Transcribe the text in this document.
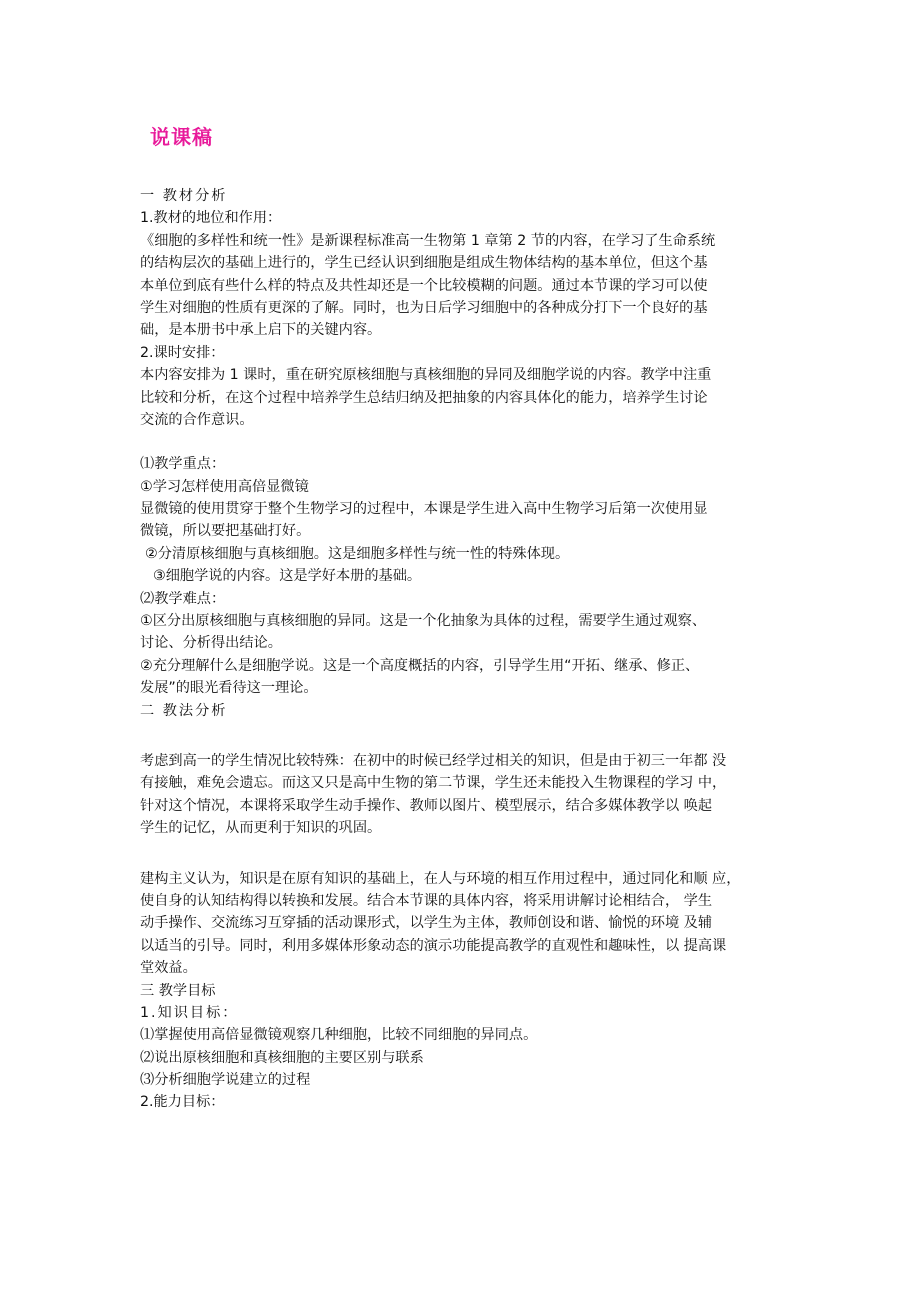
说课稿
一 教材分析
1.教材的地位和作用：
《细胞的多样性和统一性》是新课程标准高一生物第 1 章第 2 节的内容，在学习了生命系统
的结构层次的基础上进行的，学生已经认识到细胞是组成生物体结构的基本单位，但这个基
本单位到底有些什么样的特点及共性却还是一个比较模糊的问题。通过本节课的学习可以使
学生对细胞的性质有更深的了解。同时，也为日后学习细胞中的各种成分打下一个良好的基
础，是本册书中承上启下的关键内容。
2.课时安排：
本内容安排为 1 课时，重在研究原核细胞与真核细胞的异同及细胞学说的内容。教学中注重
比较和分析，在这个过程中培养学生总结归纳及把抽象的内容具体化的能力，培养学生讨论
交流的合作意识。
⑴教学重点：
①学习怎样使用高倍显微镜
显微镜的使用贯穿于整个生物学习的过程中，本课是学生进入高中生物学习后第一次使用显
微镜，所以要把基础打好。
②分清原核细胞与真核细胞。这是细胞多样性与统一性的特殊体现。
③细胞学说的内容。这是学好本册的基础。
⑵教学难点：
①区分出原核细胞与真核细胞的异同。这是一个化抽象为具体的过程，需要学生通过观察、
讨论、分析得出结论。
②充分理解什么是细胞学说。这是一个高度概括的内容，引导学生用“开拓、继承、修正、
发展”的眼光看待这一理论。
二 教法分析
考虑到高一的学生情况比较特殊：在初中的时候已经学过相关的知识，但是由于初三一年都 没
有接触，难免会遗忘。而这又只是高中生物的第二节课，学生还未能投入生物课程的学习 中，
针对这个情况，本课将采取学生动手操作、教师以图片、模型展示，结合多媒体教学以 唤起
学生的记忆，从而更利于知识的巩固。
建构主义认为，知识是在原有知识的基础上，在人与环境的相互作用过程中，通过同化和顺 应，
使自身的认知结构得以转换和发展。结合本节课的具体内容，将采用讲解讨论相结合， 学生
动手操作、交流练习互穿插的活动课形式，以学生为主体，教师创设和谐、愉悦的环境 及辅
以适当的引导。同时，利用多媒体形象动态的演示功能提高教学的直观性和趣味性，以 提高课
堂效益。
三 教学目标
1.知识目标：
⑴掌握使用高倍显微镜观察几种细胞，比较不同细胞的异同点。
⑵说出原核细胞和真核细胞的主要区别与联系
⑶分析细胞学说建立的过程
2.能力目标：
